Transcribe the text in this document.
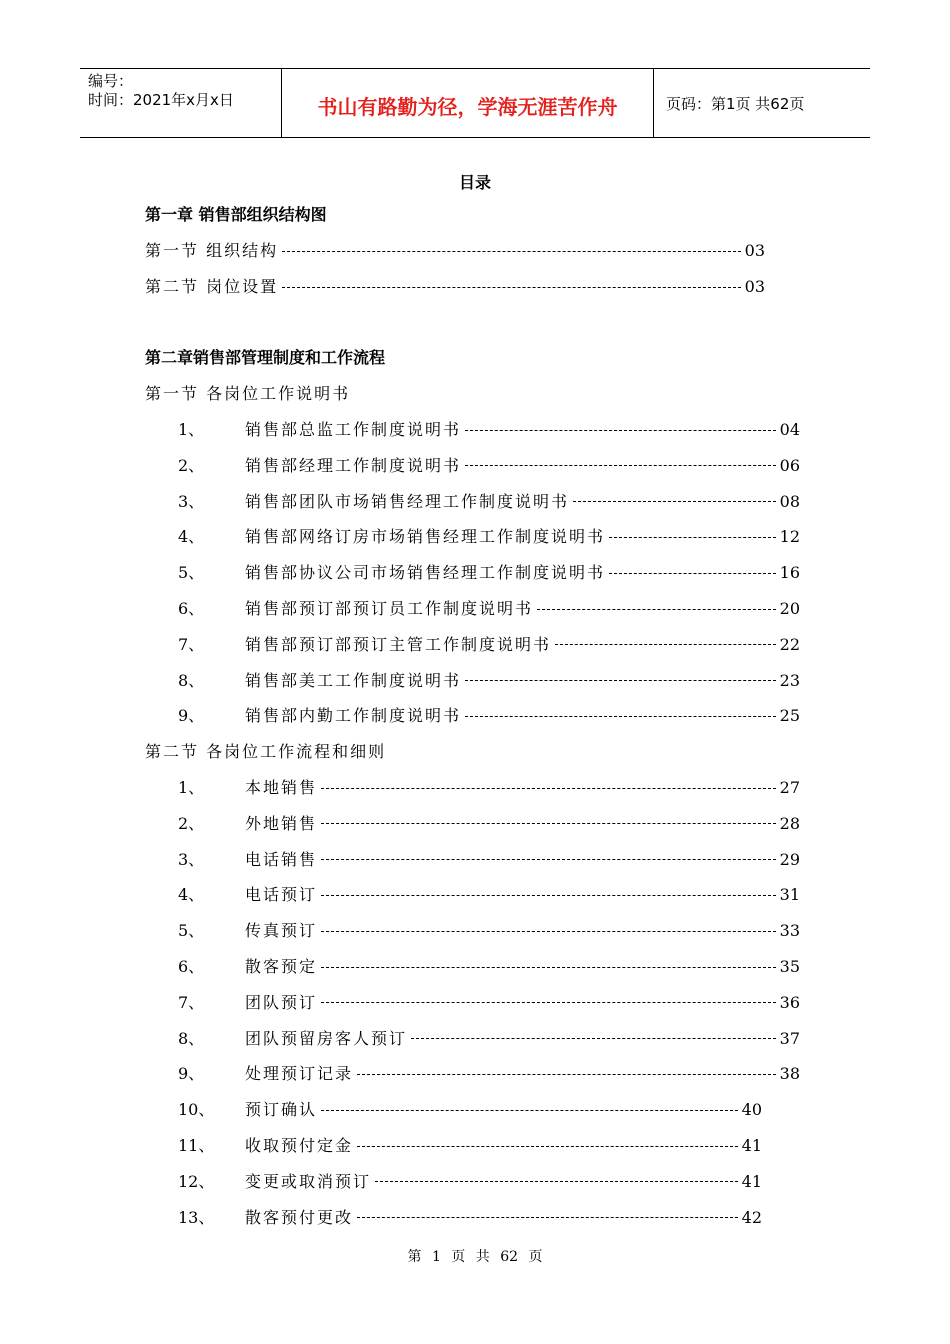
编号：
时间：2021年x月x日	书山有路勤为径，学海无涯苦作舟	页码：第1页 共62页
目录
第一章 销售部组织结构图
第一节 组织结构	03
第二节 岗位设置	03
第二章销售部管理制度和工作流程
第一节 各岗位工作说明书
1、	销售部总监工作制度说明书	04
2、	销售部经理工作制度说明书	06
3、	销售部团队市场销售经理工作制度说明书	08
4、	销售部网络订房市场销售经理工作制度说明书	12
5、	销售部协议公司市场销售经理工作制度说明书	16
6、	销售部预订部预订员工作制度说明书	20
7、	销售部预订部预订主管工作制度说明书	22
8、	销售部美工工作制度说明书	23
9、	销售部内勤工作制度说明书	25
第二节 各岗位工作流程和细则
1、	本地销售	27
2、	外地销售	28
3、	电话销售	29
4、	电话预订	31
5、	传真预订	33
6、	散客预定	35
7、	团队预订	36
8、	团队预留房客人预订	37
9、	处理预订记录	38
10、 预订确认	40
11、 收取预付定金	41
12、 变更或取消预订	41
13、 散客预付更改	42
第 1 页 共 62 页
